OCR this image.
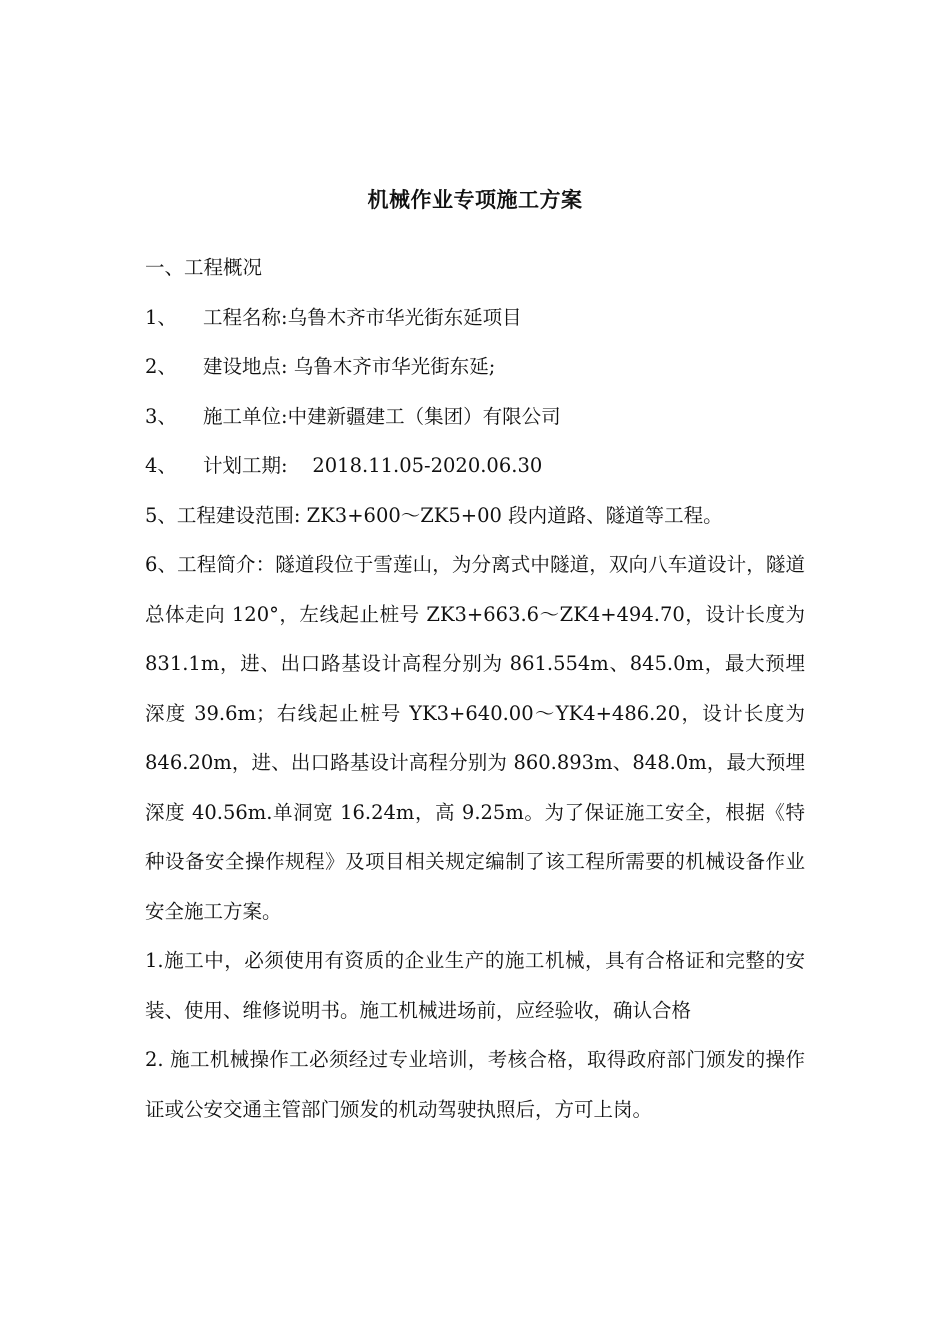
机械作业专项施工方案

一、工程概况

1、 工程名称:乌鲁木齐市华光街东延项目

2、 建设地点: 乌鲁木齐市华光街东延;

3、 施工单位:中建新疆建工（集团）有限公司

4、 计划工期:    2018.11.05-2020.06.30

5、工程建设范围: ZK3+600～ZK5+00 段内道路、隧道等工程。

6、工程简介：隧道段位于雪莲山，为分离式中隧道，双向八车道设计，隧道总体走向 120°，左线起止桩号 ZK3+663.6～ZK4+494.70，设计长度为 831.1m，进、出口路基设计高程分别为 861.554m、845.0m，最大预埋深度 39.6m；右线起止桩号 YK3+640.00～YK4+486.20，设计长度为 846.20m，进、出口路基设计高程分别为 860.893m、848.0m，最大预埋深度 40.56m.单洞宽 16.24m，高 9.25m。为了保证施工安全，根据《特种设备安全操作规程》及项目相关规定编制了该工程所需要的机械设备作业安全施工方案。

1.施工中，必须使用有资质的企业生产的施工机械，具有合格证和完整的安装、使用、维修说明书。施工机械进场前，应经验收，确认合格

2. 施工机械操作工必须经过专业培训，考核合格，取得政府部门颁发的操作证或公安交通主管部门颁发的机动驾驶执照后，方可上岗。
